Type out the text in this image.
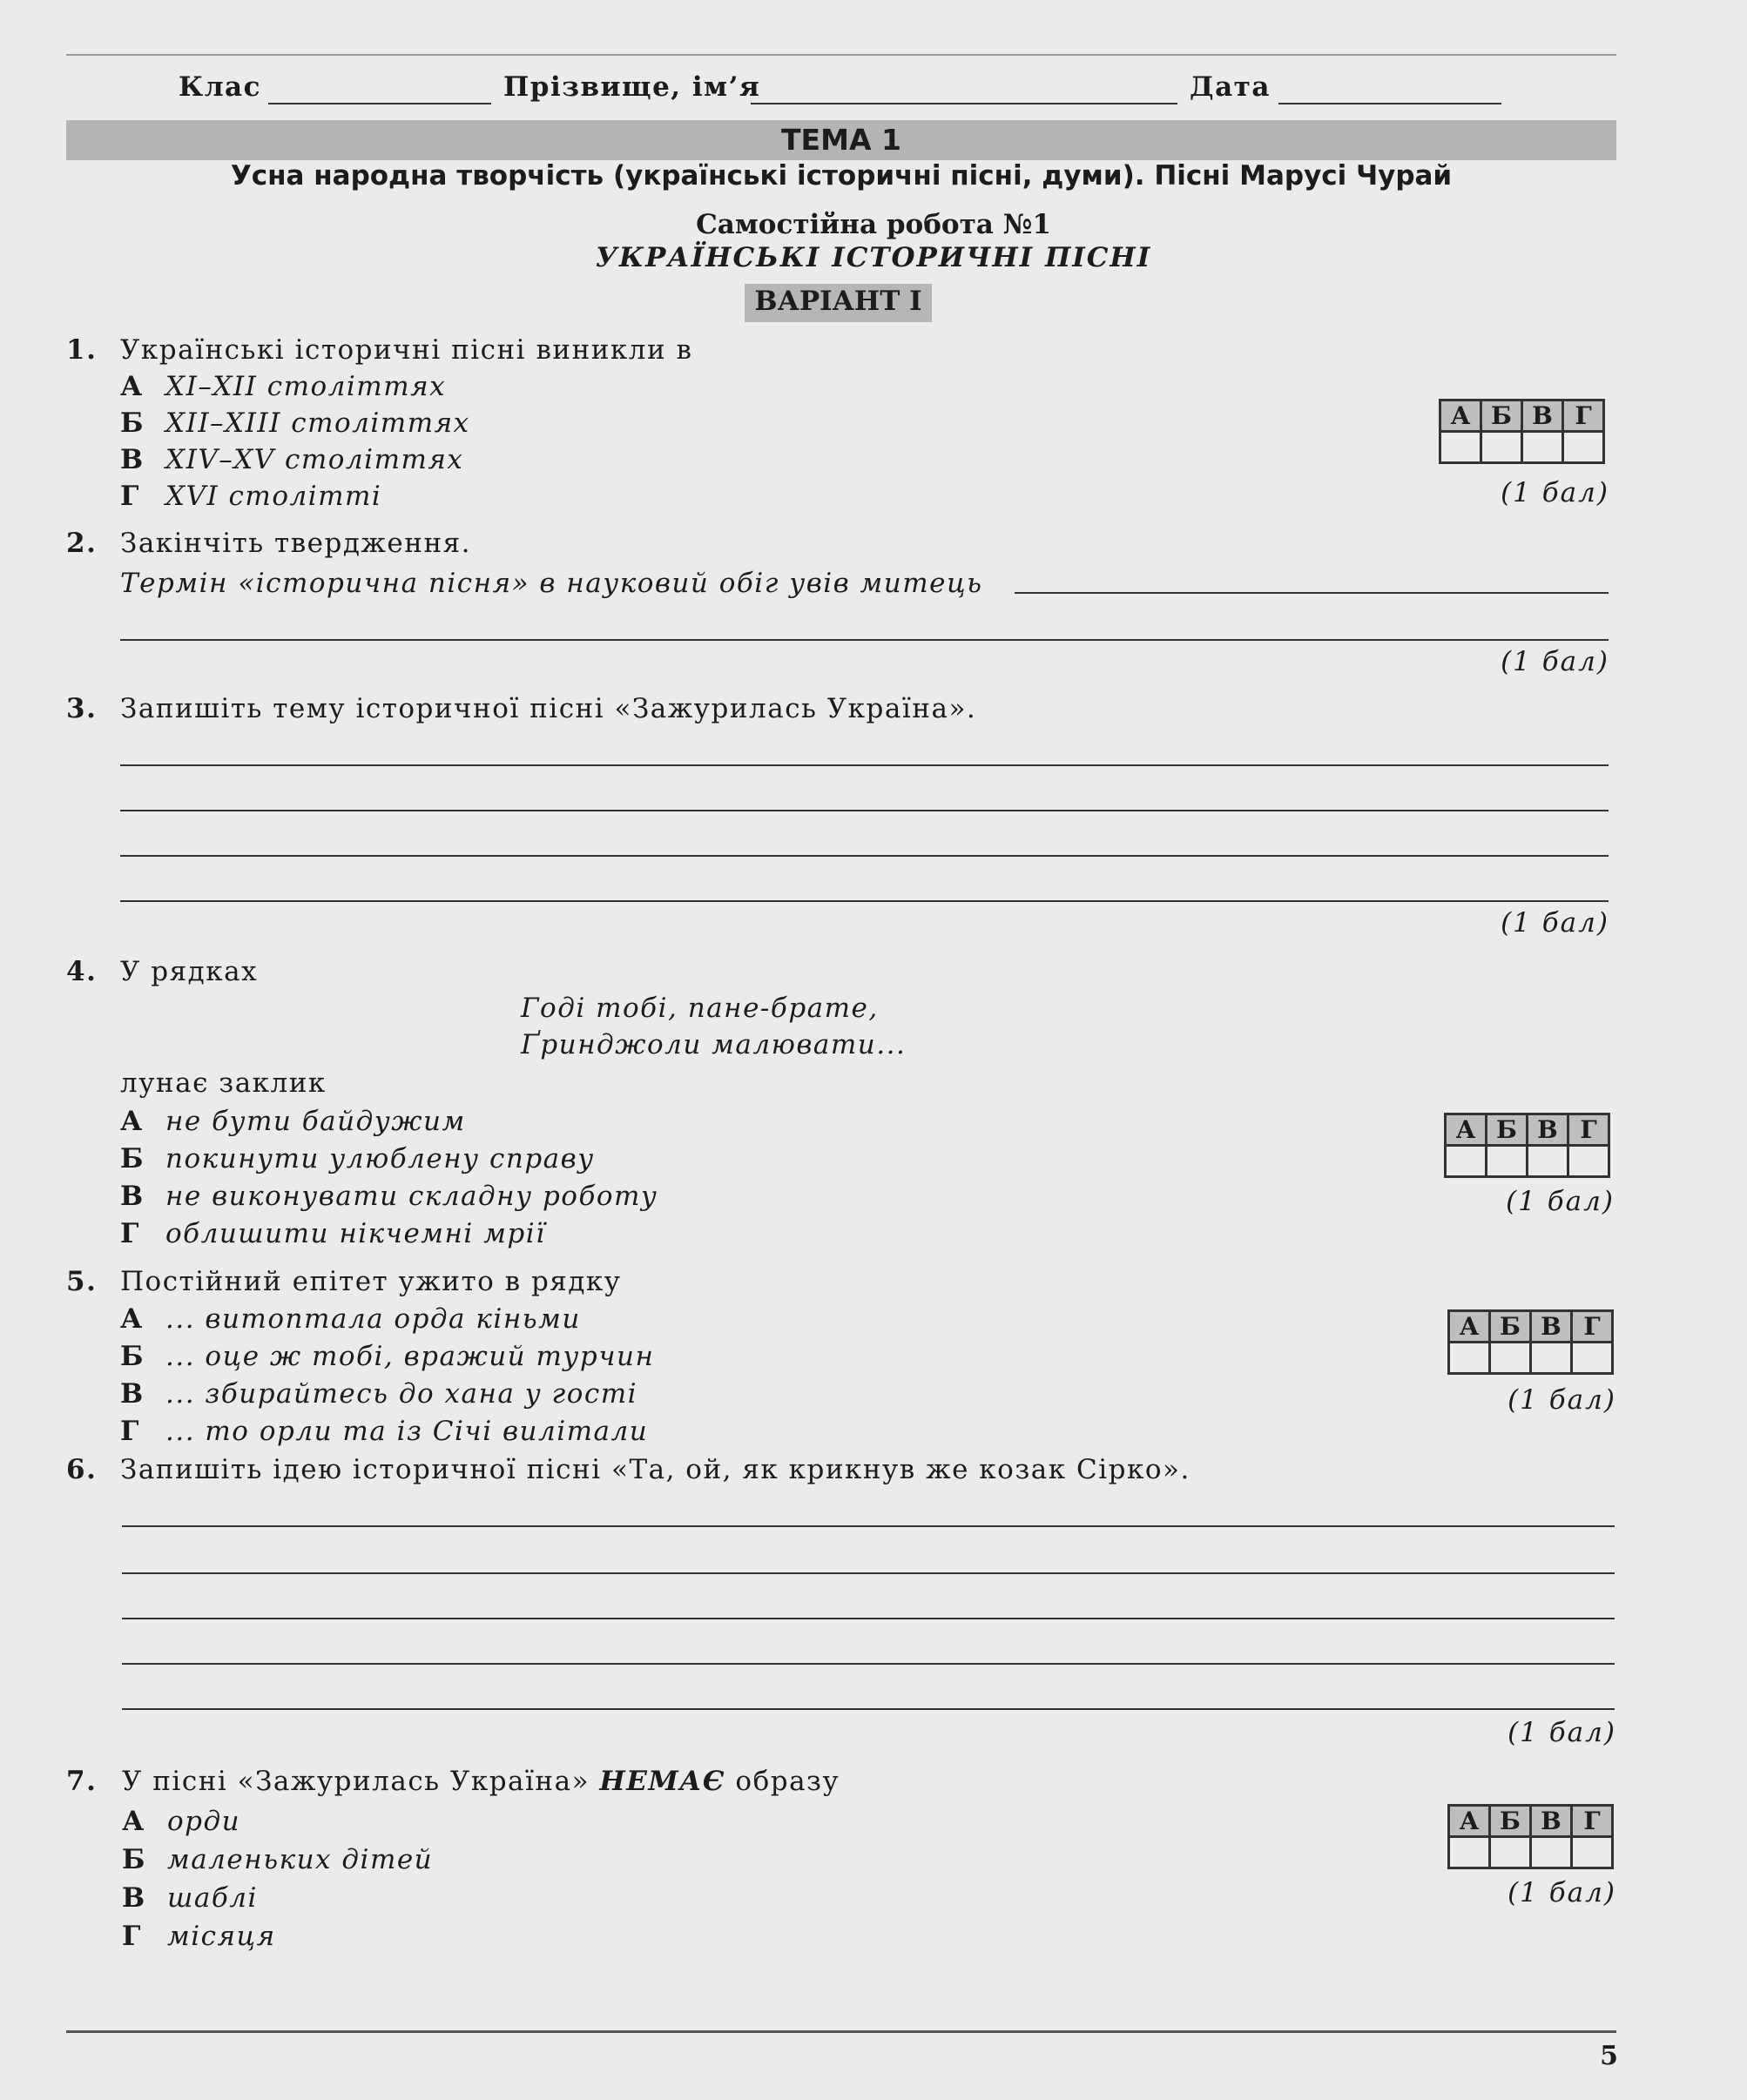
Клас	Прізвище, ім’я	Дата
ТЕМА 1
Усна народна творчість (українські історичні пісні, думи). Пісні Марусі Чурай
Самостійна робота №1
УКРАЇНСЬКІ ІСТОРИЧНІ ПІСНІ
ВАРІАНТ І
1. Українські історичні пісні виникли в
А XI–XII століттях
Б XII–XIII століттях
В XIV–XV століттях
Г XVI столітті
А	Б	В	Г

(1 бал)
2. Закінчіть твердження.
Термін «історична пісня» в науковий обіг увів митець
(1 бал)
3. Запишіть тему історичної пісні «Зажурилась Україна».
(1 бал)
4. У рядках
Годі тобі, пане-брате,
Ґринджоли малювати...
лунає заклик
А не бути байдужим
Б покинути улюблену справу
В не виконувати складну роботу
Г облишити нікчемні мрії
А	Б	В	Г

(1 бал)
5. Постійний епітет ужито в рядку
А ... витоптала орда кіньми
Б ... оце ж тобі, вражий турчин
В ... збирайтесь до хана у гості
Г ... то орли та із Січі вилітали
А	Б	В	Г

(1 бал)
6. Запишіть ідею історичної пісні «Та, ой, як крикнув же козак Сірко».
(1 бал)
7. У пісні «Зажурилась Україна» НЕМАЄ образу
А орди
Б маленьких дітей
В шаблі
Г місяця
А	Б	В	Г

(1 бал)
5
